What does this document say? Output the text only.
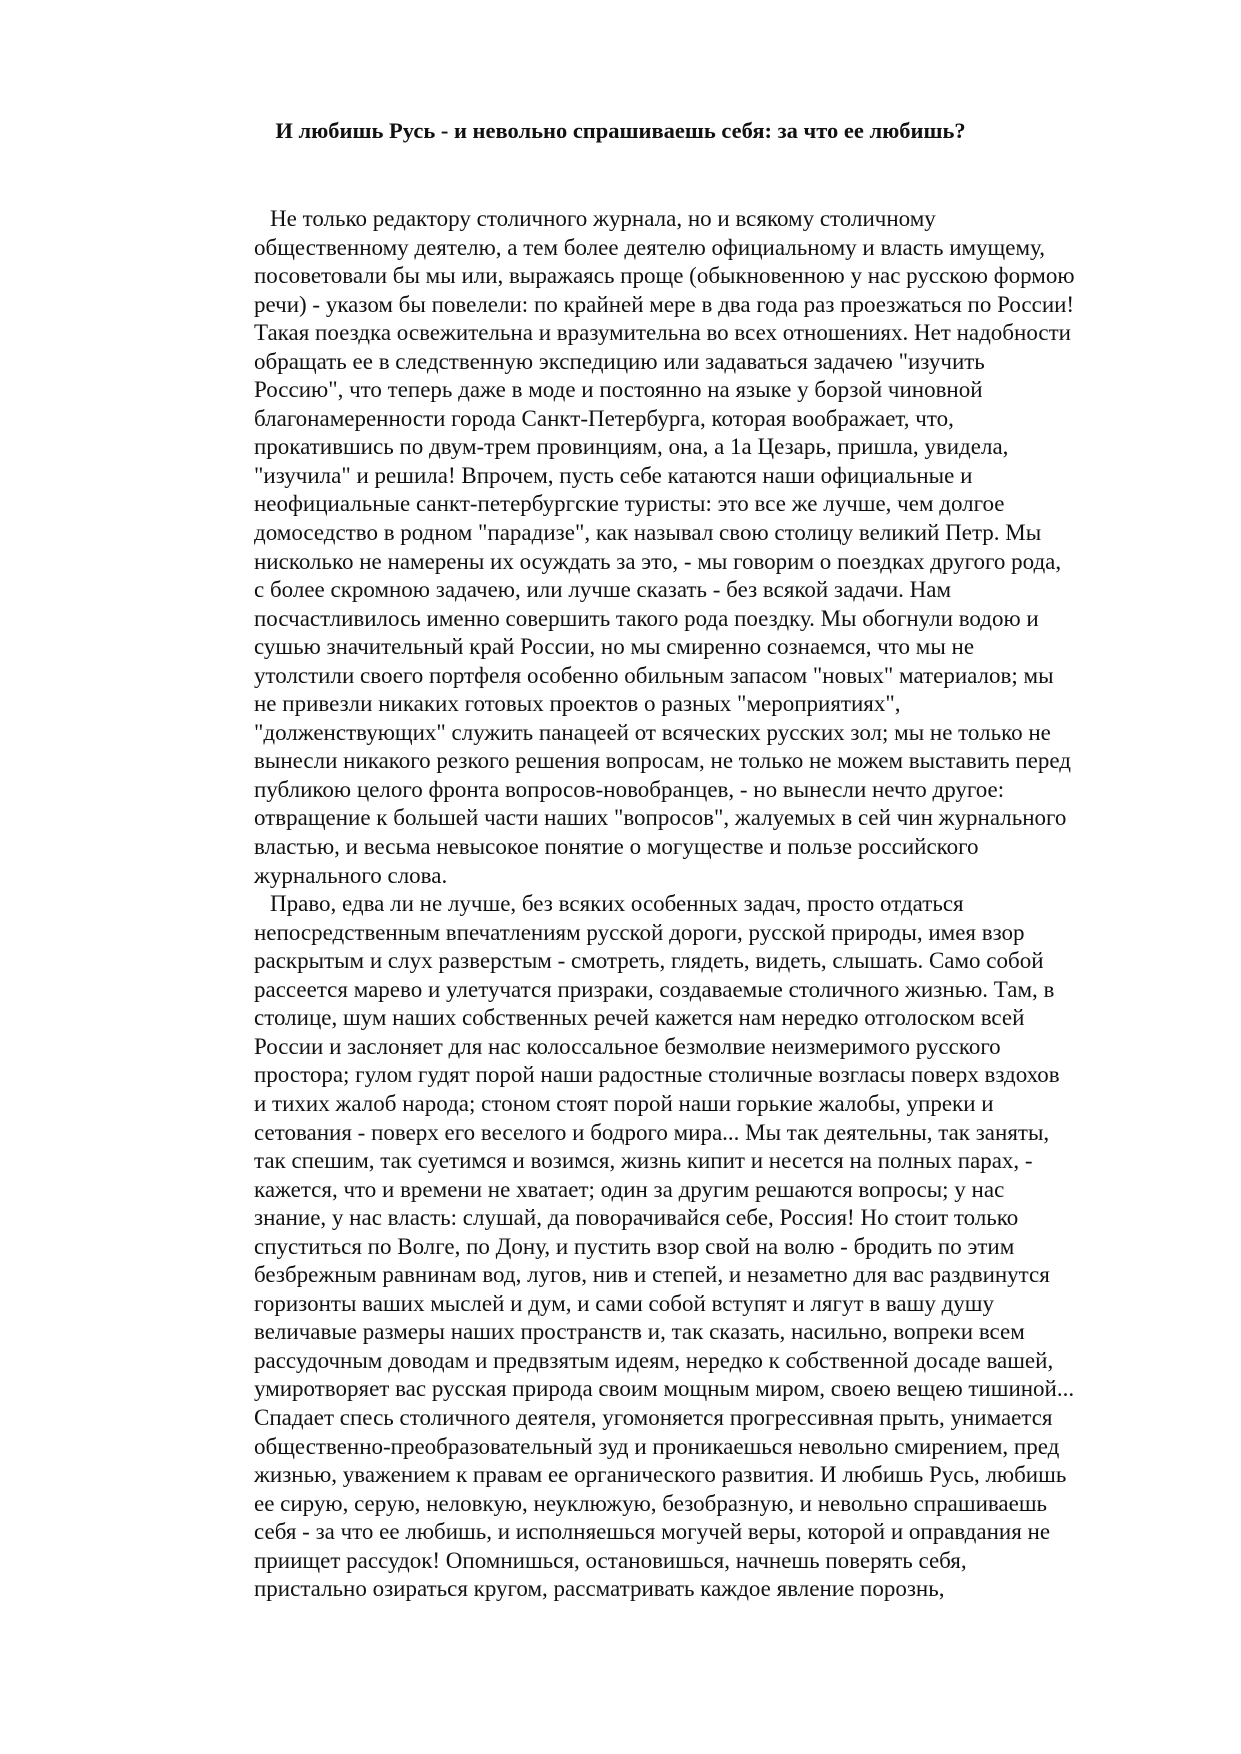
И любишь Русь - и невольно спрашиваешь себя: за что ее любишь?
Не только редактору столичного журнала, но и всякому столичному
общественному деятелю, а тем более деятелю официальному и власть имущему,
посоветовали бы мы или, выражаясь проще (обыкновенною у нас русскою формою
речи) - указом бы повелели: по крайней мере в два года раз проезжаться по России!
Такая поездка освежительна и вразумительна во всех отношениях. Нет надобности
обращать ее в следственную экспедицию или задаваться задачею "изучить
Россию", что теперь даже в моде и постоянно на языке у борзой чиновной
благонамеренности города Санкт-Петербурга, которая воображает, что,
прокатившись по двум-трем провинциям, она, а 1а Цезарь, пришла, увидела,
"изучила" и решила! Впрочем, пусть себе катаются наши официальные и
неофициальные санкт-петербургские туристы: это все же лучше, чем долгое
домоседство в родном "парадизе", как называл свою столицу великий Петр. Мы
нисколько не намерены их осуждать за это, - мы говорим о поездках другого рода,
с более скромною задачею, или лучше сказать - без всякой задачи. Нам
посчастливилось именно совершить такого рода поездку. Мы обогнули водою и
сушью значительный край России, но мы смиренно сознаемся, что мы не
утолстили своего портфеля особенно обильным запасом "новых" материалов; мы
не привезли никаких готовых проектов о разных "мероприятиях",
"долженствующих" служить панацеей от всяческих русских зол; мы не только не
вынесли никакого резкого решения вопросам, не только не можем выставить перед
публикою целого фронта вопросов-новобранцев, - но вынесли нечто другое:
отвращение к большей части наших "вопросов", жалуемых в сей чин журнального
властью, и весьма невысокое понятие о могуществе и пользе российского
журнального слова.
Право, едва ли не лучше, без всяких особенных задач, просто отдаться
непосредственным впечатлениям русской дороги, русской природы, имея взор
раскрытым и слух разверстым - смотреть, глядеть, видеть, слышать. Само собой
рассеется марево и улетучатся призраки, создаваемые столичного жизнью. Там, в
столице, шум наших собственных речей кажется нам нередко отголоском всей
России и заслоняет для нас колоссальное безмолвие неизмеримого русского
простора; гулом гудят порой наши радостные столичные возгласы поверх вздохов
и тихих жалоб народа; стоном стоят порой наши горькие жалобы, упреки и
сетования - поверх его веселого и бодрого мира... Мы так деятельны, так заняты,
так спешим, так суетимся и возимся, жизнь кипит и несется на полных парах, -
кажется, что и времени не хватает; один за другим решаются вопросы; у нас
знание, у нас власть: слушай, да поворачивайся себе, Россия! Но стоит только
спуститься по Волге, по Дону, и пустить взор свой на волю - бродить по этим
безбрежным равнинам вод, лугов, нив и степей, и незаметно для вас раздвинутся
горизонты ваших мыслей и дум, и сами собой вступят и лягут в вашу душу
величавые размеры наших пространств и, так сказать, насильно, вопреки всем
рассудочным доводам и предвзятым идеям, нередко к собственной досаде вашей,
умиротворяет вас русская природа своим мощным миром, своею вещею тишиной...
Спадает спесь столичного деятеля, угомоняется прогрессивная прыть, унимается
общественно-преобразовательный зуд и проникаешься невольно смирением, пред
жизнью, уважением к правам ее органического развития. И любишь Русь, любишь
ее сирую, серую, неловкую, неуклюжую, безобразную, и невольно спрашиваешь
себя - за что ее любишь, и исполняешься могучей веры, которой и оправдания не
приищет рассудок! Опомнишься, остановишься, начнешь поверять себя,
пристально озираться кругом, рассматривать каждое явление порознь,
